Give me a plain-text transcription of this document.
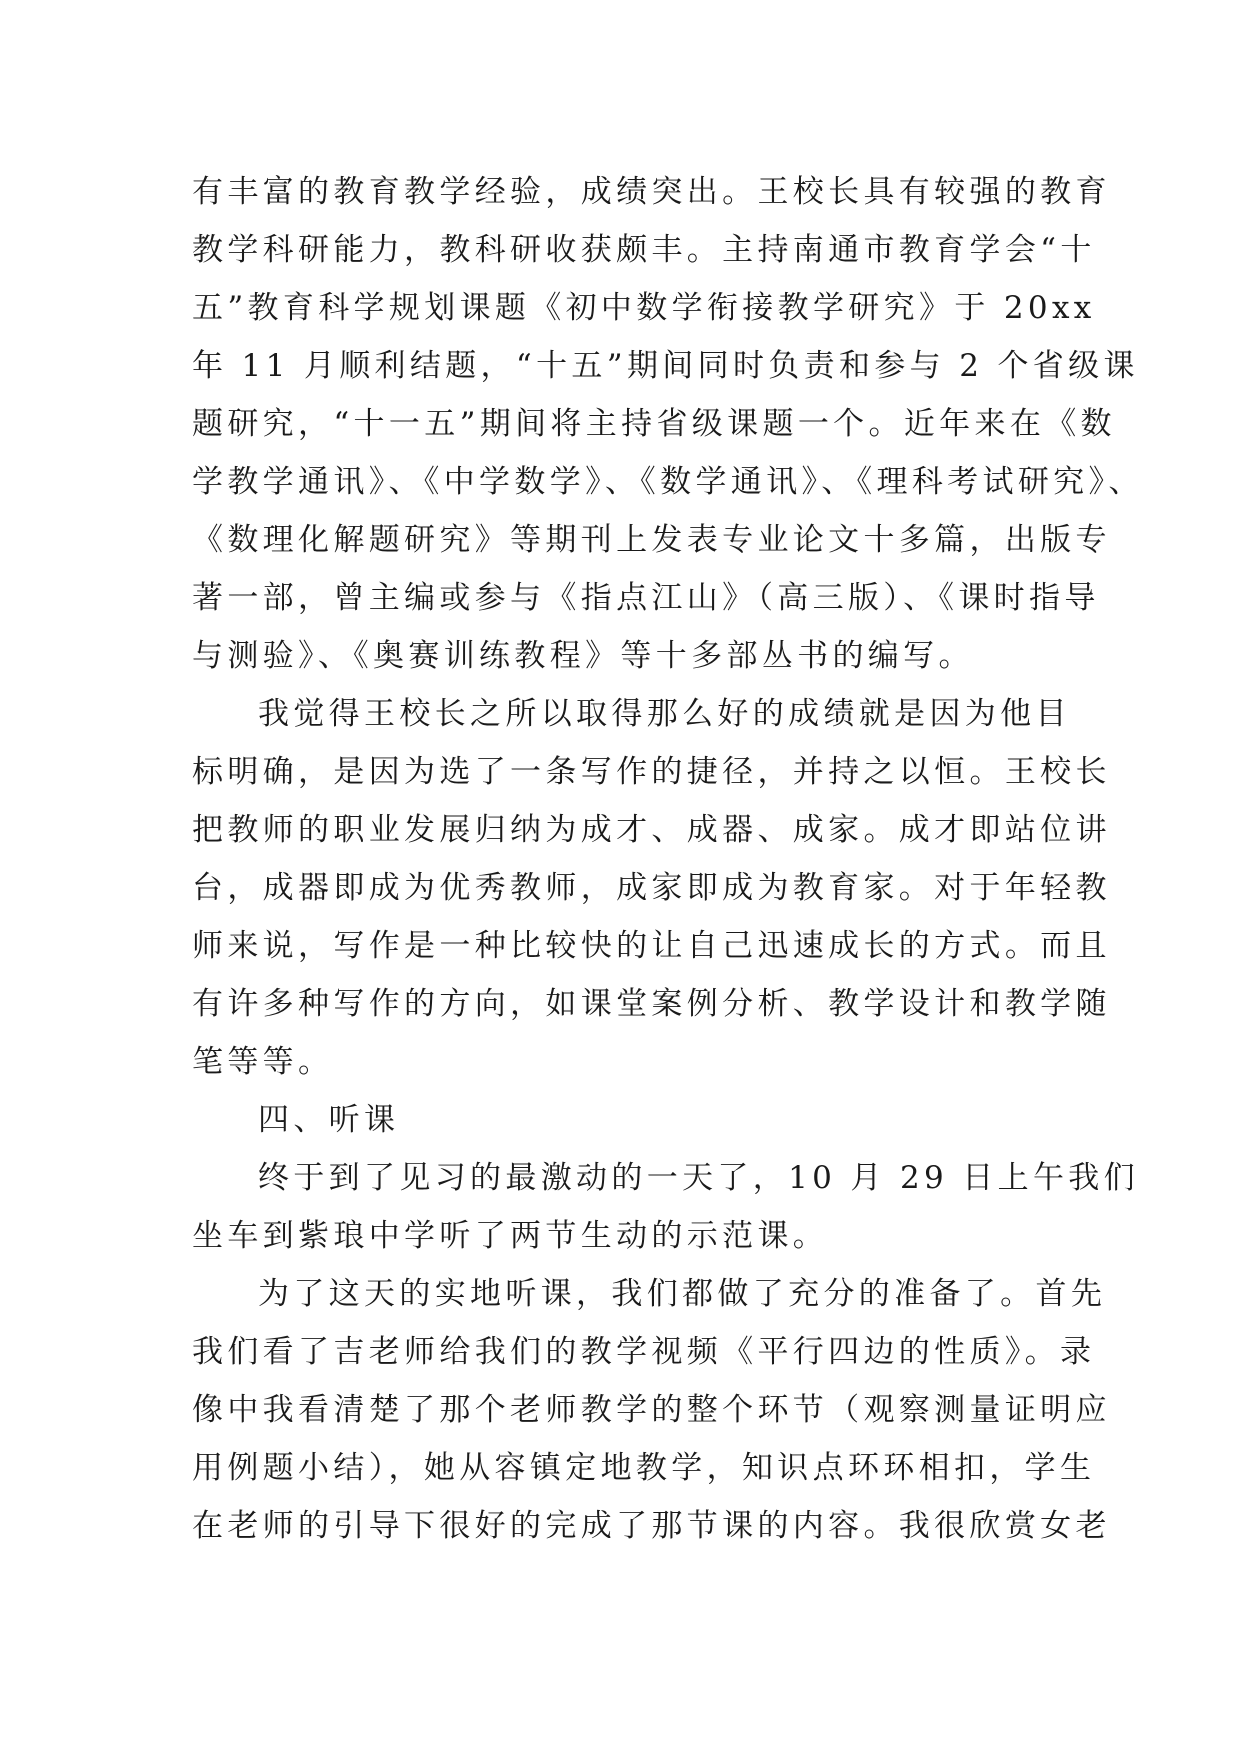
有丰富的教育教学经验，成绩突出。王校长具有较强的教育
教学科研能力，教科研收获颇丰。主持南通市教育学会“十
五”教育科学规划课题《初中数学衔接教学研究》于 20xx
年 11 月顺利结题，“十五”期间同时负责和参与 2 个省级课
题研究，“十一五”期间将主持省级课题一个。近年来在《数
学教学通讯》、《中学数学》、《数学通讯》、《理科考试研究》、
《数理化解题研究》等期刊上发表专业论文十多篇，出版专
著一部，曾主编或参与《指点江山》（高三版）、《课时指导
与测验》、《奥赛训练教程》等十多部丛书的编写。
我觉得王校长之所以取得那么好的成绩就是因为他目
标明确，是因为选了一条写作的捷径，并持之以恒。王校长
把教师的职业发展归纳为成才、成器、成家。成才即站位讲
台，成器即成为优秀教师，成家即成为教育家。对于年轻教
师来说，写作是一种比较快的让自己迅速成长的方式。而且
有许多种写作的方向，如课堂案例分析、教学设计和教学随
笔等等。
四、听课
终于到了见习的最激动的一天了，10 月 29 日上午我们
坐车到紫琅中学听了两节生动的示范课。
为了这天的实地听课，我们都做了充分的准备了。首先
我们看了吉老师给我们的教学视频《平行四边的性质》。录
像中我看清楚了那个老师教学的整个环节（观察测量证明应
用例题小结），她从容镇定地教学，知识点环环相扣，学生
在老师的引导下很好的完成了那节课的内容。我很欣赏女老
